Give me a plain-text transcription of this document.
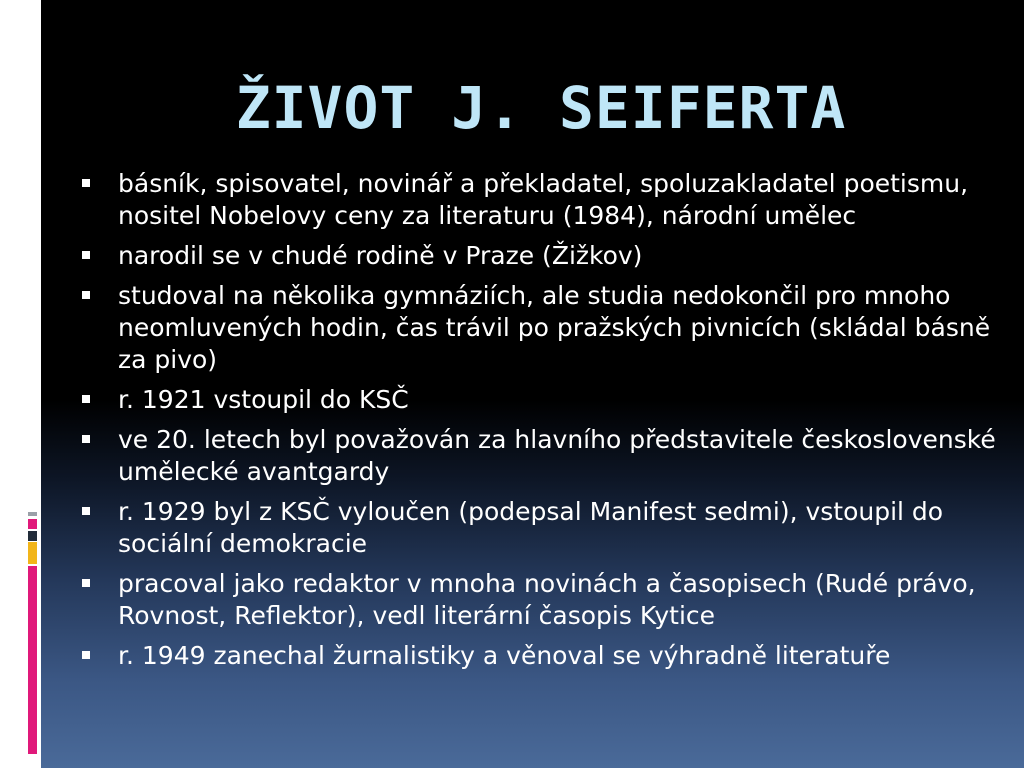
ŽIVOT J. SEIFERTA
básník, spisovatel, novinář a překladatel, spoluzakladatel poetismu, nositel Nobelovy ceny za literaturu (1984), národní umělec
narodil se v chudé rodině v Praze (Žižkov)
studoval na několika gymnáziích, ale studia nedokončil pro mnoho neomluvených hodin, čas trávil po pražských pivnicích (skládal básně za pivo)
r. 1921 vstoupil do KSČ
ve 20. letech byl považován za hlavního představitele československé umělecké avantgardy
r. 1929 byl z KSČ vyloučen (podepsal Manifest sedmi), vstoupil do sociální demokracie
pracoval jako redaktor v mnoha novinách a časopisech (Rudé právo, Rovnost, Reflektor), vedl literární časopis Kytice
r. 1949 zanechal žurnalistiky a věnoval se výhradně literatuře
